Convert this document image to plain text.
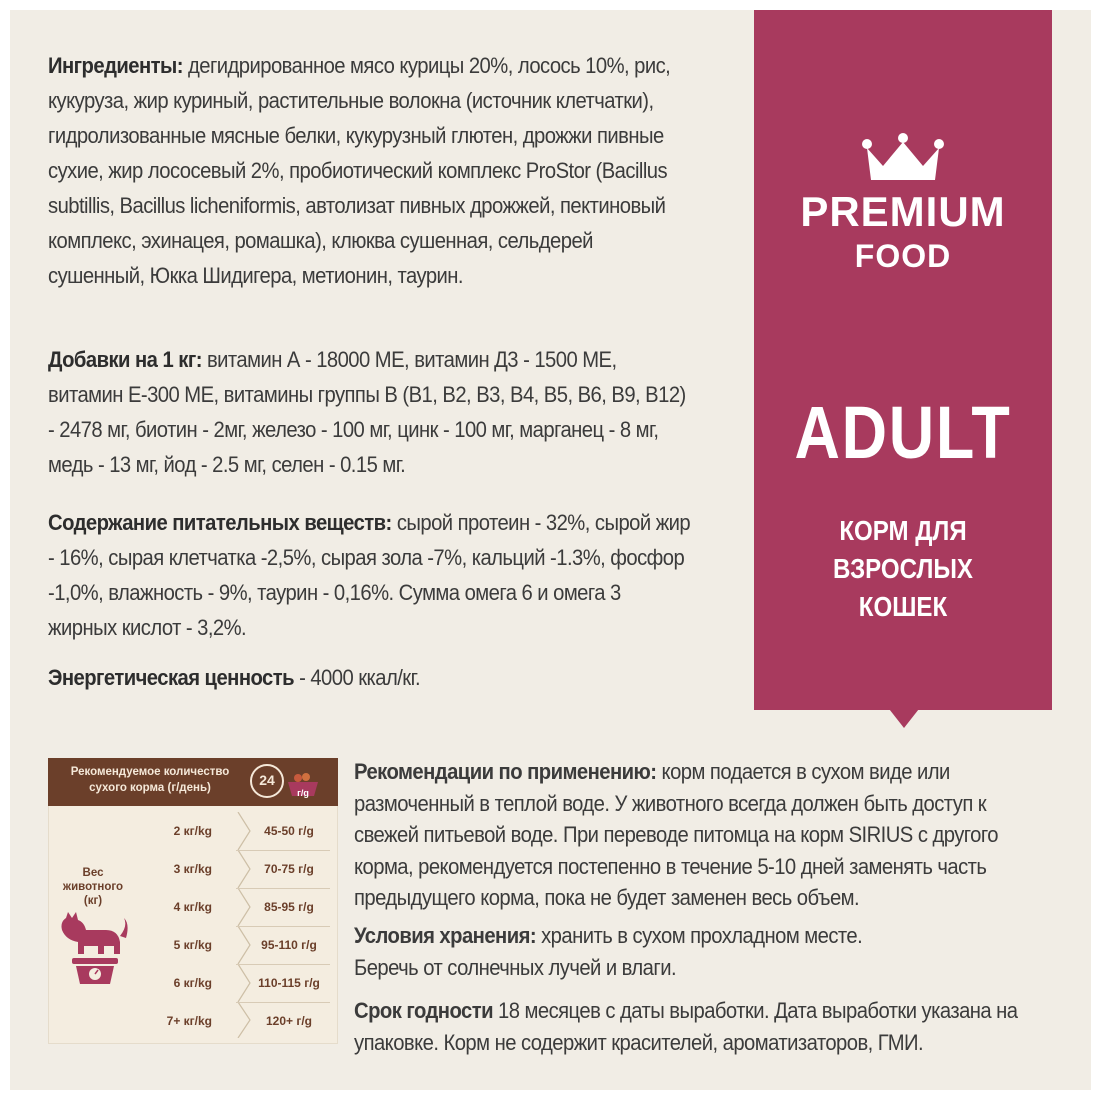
Ингредиенты: дегидрированное мясо курицы 20%, лосось 10%, рис, кукуруза, жир куриный, растительные волокна (источник клетчатки), гидролизованные мясные белки, кукурузный глютен, дрожжи пивные сухие, жир лососевый 2%, пробиотический комплекс ProStor (Bacillus subtillis, Bacillus licheniformis, автолизат пивных дрожжей, пектиновый комплекс, эхинацея, ромашка), клюква сушенная, сельдерей сушенный, Юкка Шидигера, метионин, таурин.

Добавки на 1 кг: витамин А - 18000 МЕ, витамин Д3 - 1500 МЕ, витамин Е-300 МЕ, витамины группы В (В1, В2, В3, В4, В5, В6, В9, В12) - 2478 мг, биотин - 2мг, железо - 100 мг, цинк - 100 мг, марганец - 8 мг, медь - 13 мг, йод - 2.5 мг, селен - 0.15 мг.

Содержание питательных веществ: сырой протеин - 32%, сырой жир - 16%, сырая клетчатка -2,5%, сырая зола -7%, кальций -1.3%, фосфор -1,0%, влажность - 9%, таурин - 0,16%. Сумма омега 6 и омега 3 жирных кислот - 3,2%.

Энергетическая ценность - 4000 ккал/кг.

PREMIUM
FOOD
ADULT
КОРМ ДЛЯ
ВЗРОСЛЫХ
КОШЕК
Рекомендуемое количество
сухого корма (г/день)	24
г/g
Вес
животного
(кг)
2 кг/kg	45-50 г/g
3 кг/kg	70-75 г/g
4 кг/kg	85-95 г/g
5 кг/kg	95-110 г/g
6 кг/kg	110-115 г/g
7+ кг/kg	120+ г/g

Рекомендации по применению: корм подается в сухом виде или размоченный в теплой воде. У животного всегда должен быть доступ к свежей питьевой воде. При переводе питомца на корм SIRIUS с другого корма, рекомендуется постепенно в течение 5-10 дней заменять часть предыдущего корма, пока не будет заменен весь объем.

Условия хранения: хранить в сухом прохладном месте. Беречь от солнечных лучей и влаги.

Срок годности 18 месяцев с даты выработки. Дата выработки указана на упаковке. Корм не содержит красителей, ароматизаторов, ГМИ.
